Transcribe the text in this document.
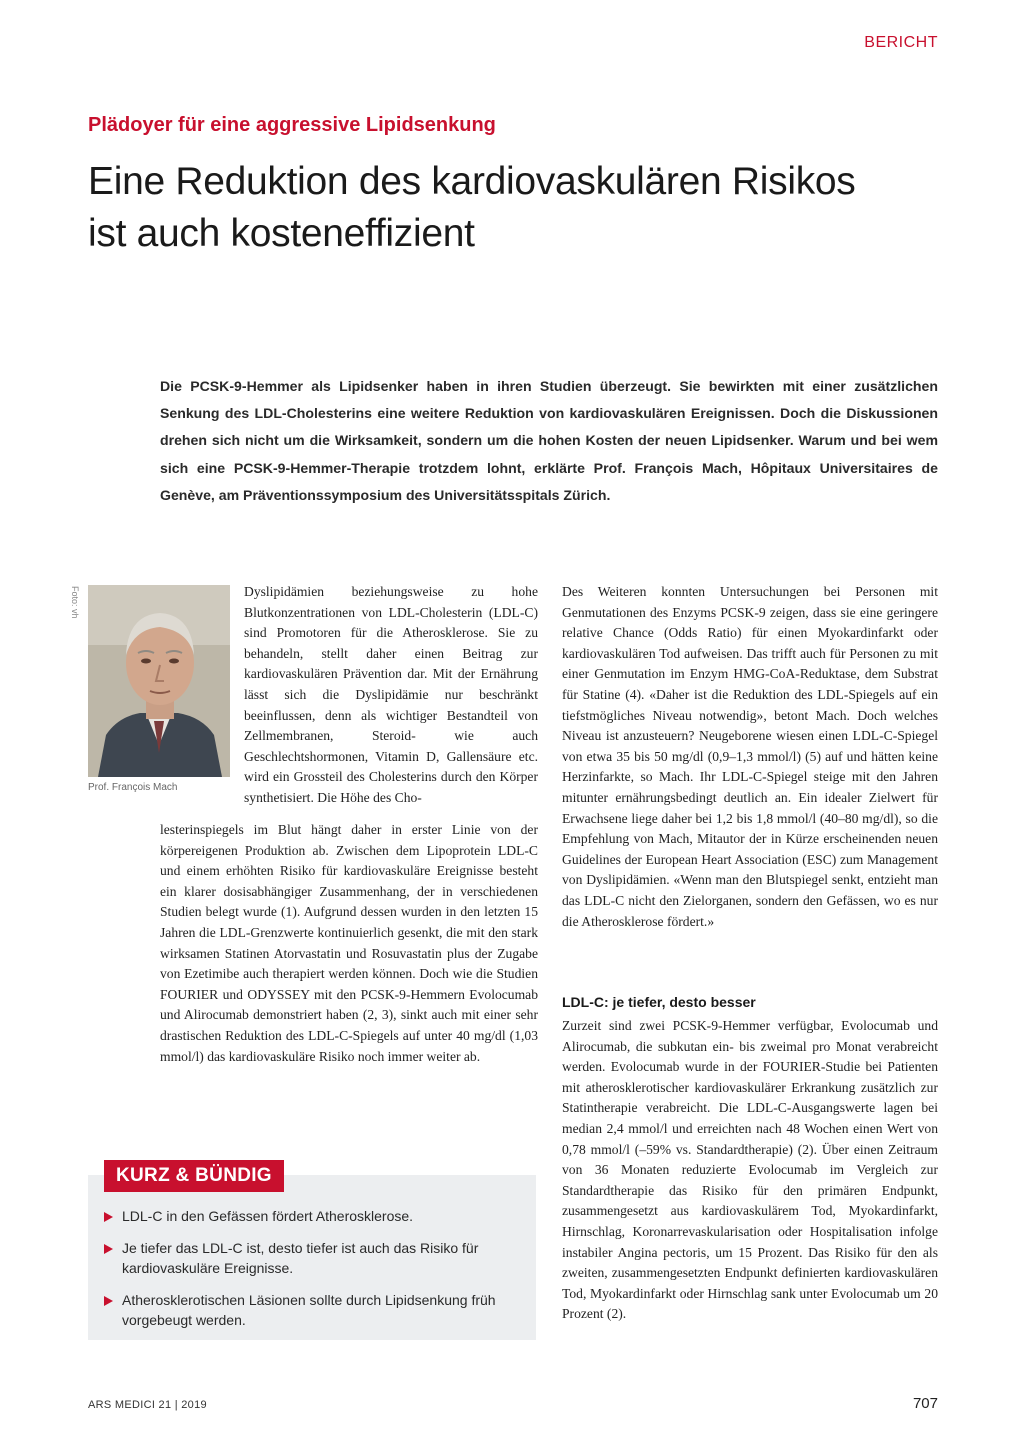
BERICHT
Plädoyer für eine aggressive Lipidsenkung
Eine Reduktion des kardiovaskulären Risikos
ist auch kosteneffizient

Die PCSK-9-Hemmer als Lipidsenker haben in ihren Studien überzeugt. Sie bewirkten mit einer zusätzlichen Senkung des LDL-Cholesterins eine weitere Reduktion von kardiovaskulären Ereignissen. Doch die Diskussionen drehen sich nicht um die Wirksamkeit, sondern um die hohen Kosten der neuen Lipidsenker. Warum und bei wem sich eine PCSK-9-Hemmer-Therapie trotzdem lohnt, erklärte Prof. François Mach, Hôpitaux Universitaires de Genève, am Präventionssymposium des Universitätsspitals Zürich.

Foto: vh
Prof. François Mach

Dyslipidämien beziehungsweise zu hohe Blutkonzentrationen von LDL-Cholesterin (LDL-C) sind Promotoren für die Atherosklerose. Sie zu behandeln, stellt daher einen Beitrag zur kardiovaskulären Prävention dar. Mit der Ernährung lässt sich die Dyslipidämie nur beschränkt beeinflussen, denn als wichtiger Bestandteil von Zellmembranen, Steroid- wie auch Geschlechtshormonen, Vitamin D, Gallensäure etc. wird ein Grossteil des Cholesterins durch den Körper synthetisiert. Die Höhe des Cho-

lesterinspiegels im Blut hängt daher in erster Linie von der körpereigenen Produktion ab. Zwischen dem Lipoprotein LDL-C und einem erhöhten Risiko für kardiovaskuläre Ereignisse besteht ein klarer dosisabhängiger Zusammenhang, der in verschiedenen Studien belegt wurde (1). Aufgrund dessen wurden in den letzten 15 Jahren die LDL-Grenzwerte kontinuierlich gesenkt, die mit den stark wirksamen Statinen Atorvastatin und Rosuvastatin plus der Zugabe von Ezetimibe auch therapiert werden können. Doch wie die Studien FOURIER und ODYSSEY mit den PCSK-9-Hemmern Evolocumab und Alirocumab demonstriert haben (2, 3), sinkt auch mit einer sehr drastischen Reduktion des LDL-C-Spiegels auf unter 40 mg/dl (1,03 mmol/l) das kardiovaskuläre Risiko noch immer weiter ab.

Des Weiteren konnten Untersuchungen bei Personen mit Genmutationen des Enzyms PCSK-9 zeigen, dass sie eine geringere relative Chance (Odds Ratio) für einen Myokardinfarkt oder kardiovaskulären Tod aufweisen. Das trifft auch für Personen zu mit einer Genmutation im Enzym HMG-CoA-Reduktase, dem Substrat für Statine (4). «Daher ist die Reduktion des LDL-Spiegels auf ein tiefstmögliches Niveau notwendig», betont Mach. Doch welches Niveau ist anzusteuern? Neugeborene wiesen einen LDL-C-Spiegel von etwa 35 bis 50 mg/dl (0,9–1,3 mmol/l) (5) auf und hätten keine Herzinfarkte, so Mach. Ihr LDL-C-Spiegel steige mit den Jahren mitunter ernährungsbedingt deutlich an. Ein idealer Zielwert für Erwachsene liege daher bei 1,2 bis 1,8 mmol/l (40–80 mg/dl), so die Empfehlung von Mach, Mitautor der in Kürze erscheinenden neuen Guidelines der European Heart Association (ESC) zum Management von Dyslipidämien. «Wenn man den Blutspiegel senkt, entzieht man das LDL-C nicht den Zielorganen, sondern den Gefässen, wo es nur die Atherosklerose fördert.»

LDL-C: je tiefer, desto besser

Zurzeit sind zwei PCSK-9-Hemmer verfügbar, Evolocumab und Alirocumab, die subkutan ein- bis zweimal pro Monat verabreicht werden. Evolocumab wurde in der FOURIER-Studie bei Patienten mit atherosklerotischer kardiovaskulärer Erkrankung zusätzlich zur Statintherapie verabreicht. Die LDL-C-Ausgangswerte lagen bei median 2,4 mmol/l und erreichten nach 48 Wochen einen Wert von 0,78 mmol/l (–59% vs. Standardtherapie) (2). Über einen Zeitraum von 36 Monaten reduzierte Evolocumab im Vergleich zur Standardtherapie das Risiko für den primären Endpunkt, zusammengesetzt aus kardiovaskulärem Tod, Myokardinfarkt, Hirnschlag, Koronarrevaskularisation oder Hospitalisation infolge instabiler Angina pectoris, um 15 Prozent. Das Risiko für den als zweiten, zusammengesetzten Endpunkt definierten kardiovaskulären Tod, Myokardinfarkt oder Hirnschlag sank unter Evolocumab um 20 Prozent (2).

KURZ & BÜNDIG
LDL-C in den Gefässen fördert Atherosklerose.
Je tiefer das LDL-C ist, desto tiefer ist auch das Risiko für kardiovaskuläre Ereignisse.
Atherosklerotischen Läsionen sollte durch Lipidsenkung früh vorgebeugt werden.
ARS MEDICI 21 | 2019	707
